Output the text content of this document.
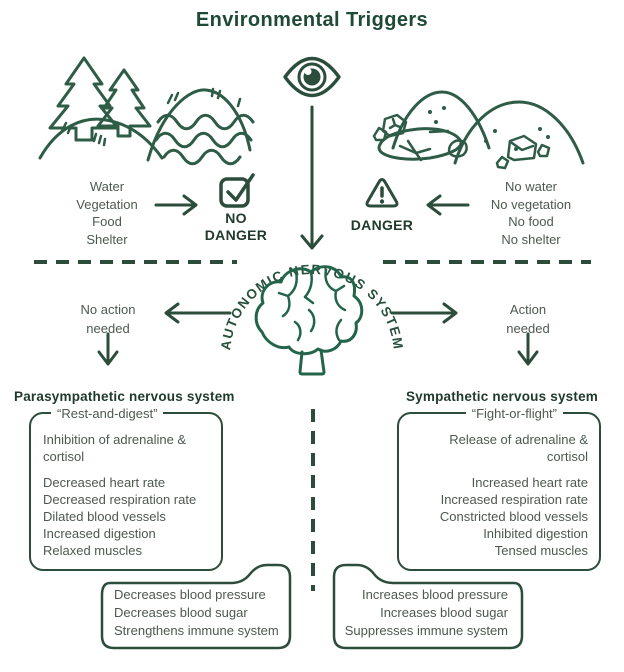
AUTONOMIC NERVOUS SYSTEM
Environmental Triggers
Water
Vegetation
Food
Shelter
NO DANGER
DANGER
No water
No vegetation
No food
No shelter
No action needed
Action needed
Parasympathetic nervous system	Sympathetic nervous system
“Rest-and-digest”
Inhibition of adrenaline & cortisol
Decreased heart rate
Decreased respiration rate
Dilated blood vessels
Increased digestion
Relaxed muscles
“Fight-or-flight”
Release of adrenaline & cortisol
Increased heart rate
Increased respiration rate
Constricted blood vessels
Inhibited digestion
Tensed muscles
Decreases blood pressure
Decreases blood sugar
Strengthens immune system
Increases blood pressure
Increases blood sugar
Suppresses immune system
